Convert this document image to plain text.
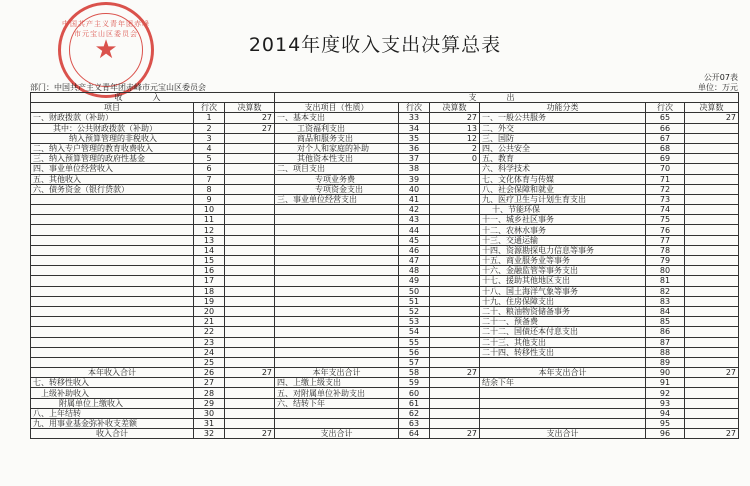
中国共产主义青年团赤峰市元宝山区委员会
★	2014年度收入支出决算总表
公开07表
部门：中国共产主义青年团赤峰市元宝山区委员会	单位：万元
收入			支出					
项目	行次	决算数	支出项目（性质）	行次	决算数	功能分类	行次	决算数
一、财政拨款（补助）	1	27	一、基本支出	33	27	一、一般公共服务	65	27
其中：公共财政拨款（补助）	2	27	工资福利支出	34	13	二、外交	66	
纳入预算管理的非税收入	3		商品和服务支出	35	12	三、国防	67	
二、纳入专户管理的教育收费收入	4		对个人和家庭的补助	36	2	四、公共安全	68	
三、纳入预算管理的政府性基金	5		其他资本性支出	37	0	五、教育	69	
四、事业单位经营收入	6		二、项目支出	38		六、科学技术	70	
五、其他收入	7		专项业务费	39		七、文化体育与传媒	71	
六、债务资金（银行贷款）	8		专项资金支出	40		八、社会保障和就业	72	
	9		三、事业单位经营支出	41		九、医疗卫生与计划生育支出	73	
	10			42		十、节能环保	74	
	11			43		十一、城乡社区事务	75	
	12			44		十二、农林水事务	76	
	13			45		十三、交通运输	77	
	14			46		十四、资源勘探电力信息等事务	78	
	15			47		十五、商业服务业等事务	79	
	16			48		十六、金融监管等事务支出	80	
	17			49		十七、援助其他地区支出	81	
	18			50		十八、国土海洋气象等事务	82	
	19			51		十九、住房保障支出	83	
	20			52		二十、粮油物资储备事务	84	
	21			53		二十一、预备费	85	
	22			54		二十二、国债还本付息支出	86	
	23			55		二十三、其他支出	87	
	24			56		二十四、转移性支出	88	
	25			57			89	
本年收入合计	26	27	本年支出合计	58	27	本年支出合计	90	27
七、转移性收入	27		四、上缴上级支出	59		结余下年	91	
上级补助收入	28		五、对附属单位补助支出	60			92	
附属单位上缴收入	29		六、结转下年	61			93	
八、上年结转	30			62			94	
九、用事业基金弥补收支差额	31			63			95	
收入合计	32	27	支出合计	64	27	支出合计	96	27
